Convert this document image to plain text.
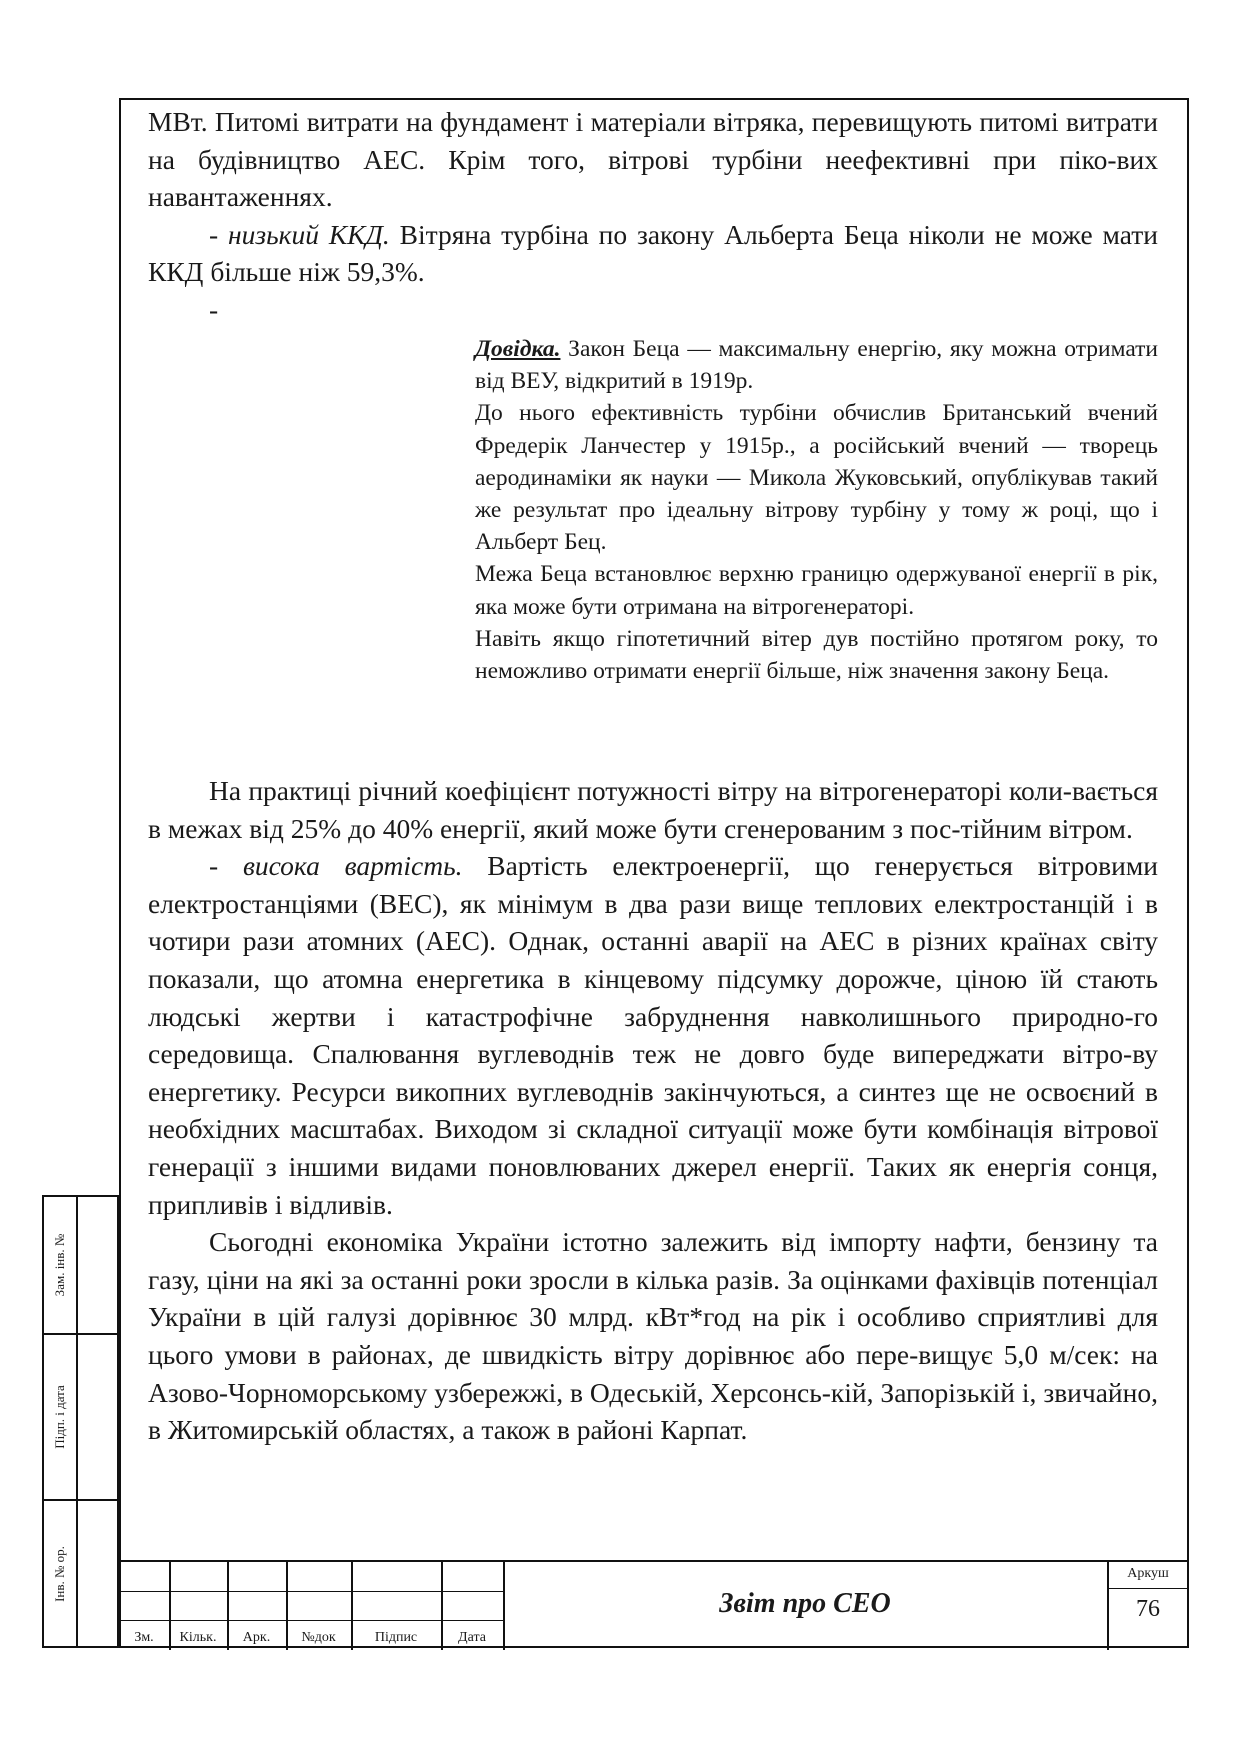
МВт. Питомі витрати на фундамент і матеріали вітряка, перевищують питомі витрати на будівництво АЕС. Крім того, вітрові турбіни неефективні при піко-вих навантаженнях.

- низький ККД. Вітряна турбіна по закону Альберта Беца ніколи не може мати ККД більше ніж 59,3%.

-

Довідка. Закон Беца — максимальну енергію, яку можна отримати від ВЕУ, відкритий в 1919р.

До нього ефективність турбіни обчислив Британський вчений Фредерік Ланчестер у 1915р., а російський вчений — творець аеродинаміки як науки — Микола Жуковський, опублікував такий же результат про ідеальну вітрову турбіну у тому ж році, що і Альберт Бец.

Межа Беца встановлює верхню границю одержуваної енергії в рік, яка може бути отримана на вітрогенераторі.

Навіть якщо гіпотетичний вітер дув постійно протягом року, то неможливо отримати енергії більше, ніж значення закону Беца.

На практиці річний коефіцієнт потужності вітру на вітрогенераторі коли-вається в межах від 25% до 40% енергії, який може бути сгенерованим з пос-тійним вітром.

- висока вартість. Вартість електроенергії, що генерується вітровими електростанціями (ВЕС), як мінімум в два рази вище теплових електростанцій і в чотири рази атомних (АЕС). Однак, останні аварії на АЕС в різних країнах світу показали, що атомна енергетика в кінцевому підсумку дорожче, ціною їй стають людські жертви і катастрофічне забруднення навколишнього природно-го середовища. Спалювання вуглеводнів теж не довго буде випереджати вітро-ву енергетику. Ресурси викопних вуглеводнів закінчуються, а синтез ще не освоєний в необхідних масштабах. Виходом зі складної ситуації може бути комбінація вітрової генерації з іншими видами поновлюваних джерел енергії. Таких як енергія сонця, припливів і відливів.

Сьогодні економіка України істотно залежить від імпорту нафти, бензину та газу, ціни на які за останні роки зросли в кілька разів. За оцінками фахівців потенціал України в цій галузі дорівнює 30 млрд. кВт*год на рік і особливо сприятливі для цього умови в районах, де швидкість вітру дорівнює або пере-вищує 5,0 м/сек: на Азово-Чорноморському узбережжі, в Одеській, Херсонсь-кій, Запорізькій і, звичайно, в Житомирській областях, а також в районі Карпат.

Зам. інв. №
Підп. і дата
Інв. № ор.
Зм.	Кільк.	Арк.	№док	Підпис	Дата
Звіт про СЕО
Аркуш
76
